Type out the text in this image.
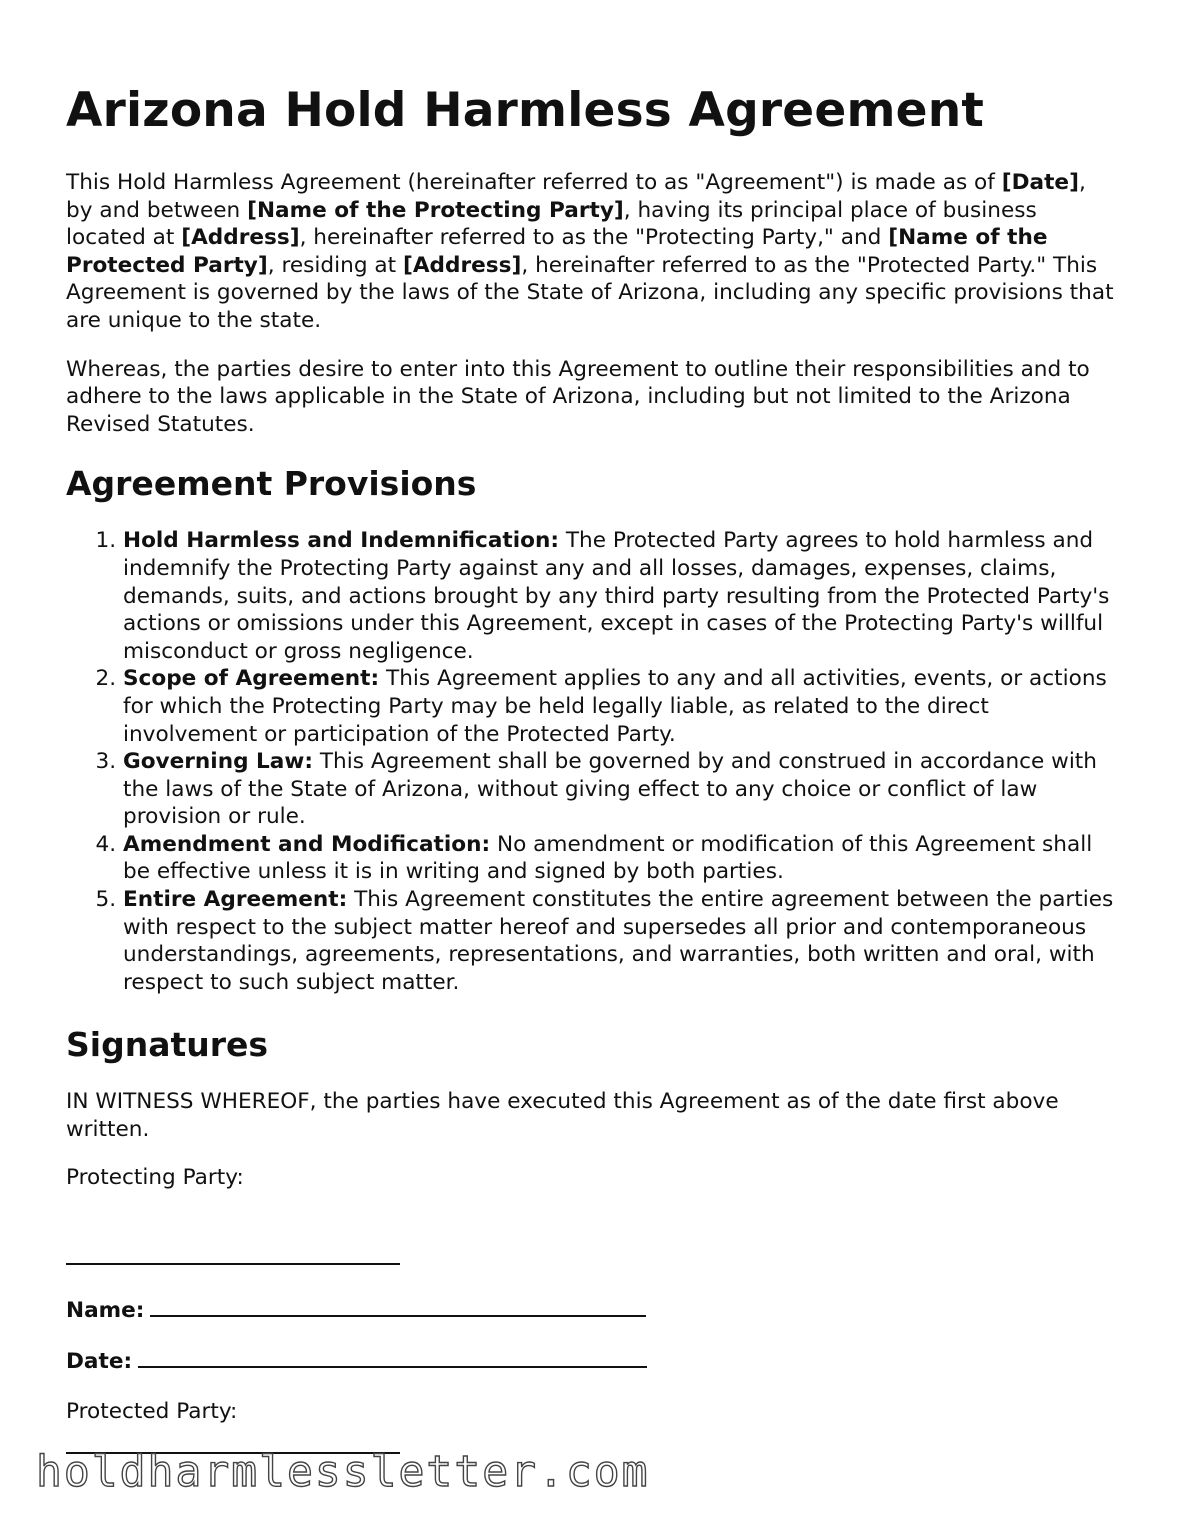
Arizona Hold Harmless Agreement

This Hold Harmless Agreement (hereinafter referred to as "Agreement") is made as of [Date], by and between [Name of the Protecting Party], having its principal place of business located at [Address], hereinafter referred to as the "Protecting Party," and [Name of the Protected Party], residing at [Address], hereinafter referred to as the "Protected Party." This Agreement is governed by the laws of the State of Arizona, including any specific provisions that are unique to the state.

Whereas, the parties desire to enter into this Agreement to outline their responsibilities and to adhere to the laws applicable in the State of Arizona, including but not limited to the Arizona Revised Statutes.

Agreement Provisions
1. Hold Harmless and Indemnification: The Protected Party agrees to hold harmless and indemnify the Protecting Party against any and all losses, damages, expenses, claims, demands, suits, and actions brought by any third party resulting from the Protected Party's actions or omissions under this Agreement, except in cases of the Protecting Party's willful misconduct or gross negligence.
2. Scope of Agreement: This Agreement applies to any and all activities, events, or actions for which the Protecting Party may be held legally liable, as related to the direct involvement or participation of the Protected Party.
3. Governing Law: This Agreement shall be governed by and construed in accordance with the laws of the State of Arizona, without giving effect to any choice or conflict of law provision or rule.
4. Amendment and Modification: No amendment or modification of this Agreement shall be effective unless it is in writing and signed by both parties.
5. Entire Agreement: This Agreement constitutes the entire agreement between the parties with respect to the subject matter hereof and supersedes all prior and contemporaneous understandings, agreements, representations, and warranties, both written and oral, with respect to such subject matter.
Signatures

IN WITNESS WHEREOF, the parties have executed this Agreement as of the date first above written.

Protecting Party:
Name:
Date:
Protected Party:
holdharmlessletter.com
